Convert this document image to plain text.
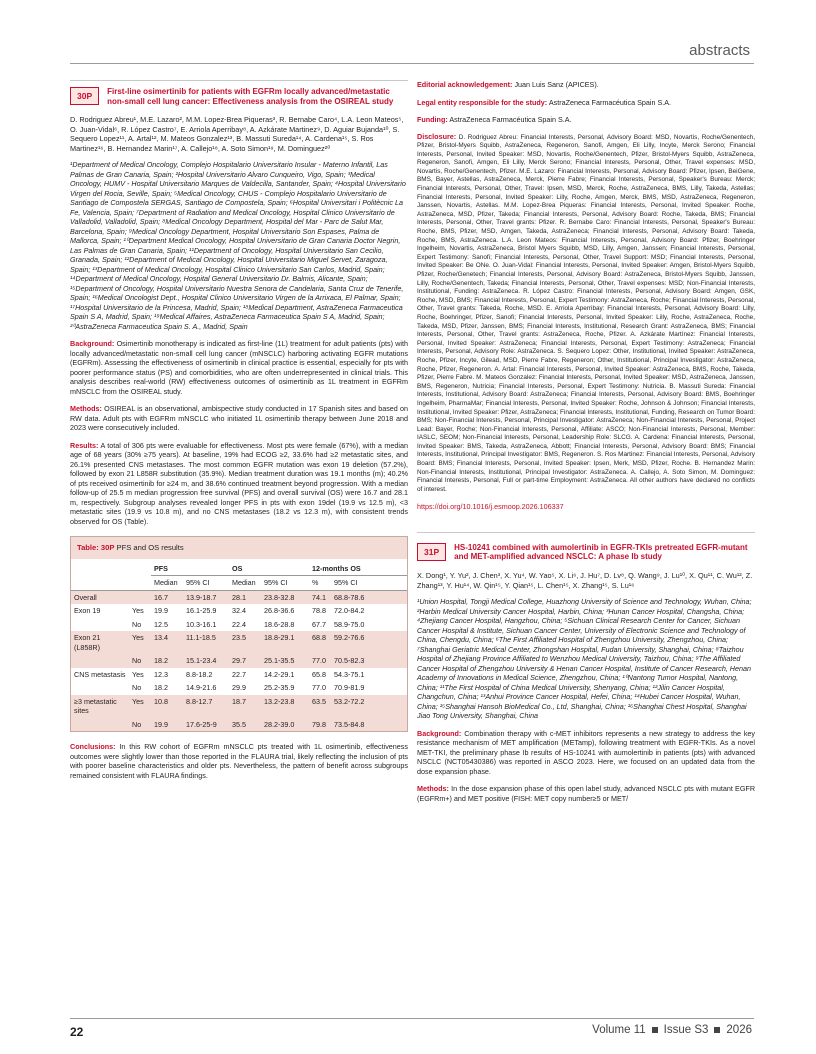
abstracts
30P	First-line osimertinib for patients with EGFRm locally advanced/metastatic non-small cell lung cancer: Effectiveness analysis from the OSIREAL study
D. Rodriguez Abreu¹, M.E. Lazaro², M.M. Lopez-Brea Piqueras³, R. Bernabe Caro⁴, L.A. Leon Mateos⁵, O. Juan-Vidal⁶, R. López Castro⁷, E. Arriola Aperribay⁸, A. Azkárate Martinez⁹, D. Aguiar Bujanda¹⁰, S. Sequero Lopez¹¹, A. Artal¹², M. Mateos Gonzalez¹³, B. Massuti Sureda¹⁴, A. Cardena¹⁵, S. Ros Martinez¹⁶, B. Hernandez Marin¹⁷, A. Callejo¹⁸, A. Soto Simon¹⁹, M. Dominguez²⁰
¹Department of Medical Oncology, Complejo Hospitalario Universitario Insular - Materno Infantil, Las Palmas de Gran Canaria, Spain; ²Hospital Universitario Alvaro Cunqueiro, Vigo, Spain; ³Medical Oncology, HUMV - Hospital Universitario Marques de Valdecilla, Santander, Spain; ⁴Hospital Universitario Virgen del Rocia, Seville, Spain; ⁵Medical Oncology, CHUS - Complejo Hospitalario Universitario de Santiago de Compostela SERGAS, Santiago de Compostela, Spain; ⁶Hospital Universitari i Politècnic La Fe, Valencia, Spain; ⁷Department of Radiation and Medical Oncology, Hospital Clinico Universitario de Valladolid, Valladolid, Spain; ⁸Medical Oncology Department, Hospital del Mar - Parc de Salut Mar, Barcelona, Spain; ⁹Medical Oncology Department, Hospital Universitario Son Espases, Palma de Mallorca, Spain; ¹⁰Department Medical Oncology, Hospital Universitario de Gran Canaria Doctor Negrin, Las Palmas de Gran Canaria, Spain; ¹¹Department of Oncology, Hospital Universitario San Cecilio, Granada, Spain; ¹²Department of Medical Oncology, Hospital Universitario Miguel Servet, Zaragoza, Spain; ¹³Department of Medical Oncology, Hospital Clinico Universitario San Carlos, Madrid, Spain; ¹⁴Department of Medical Oncology, Hospital General Universitario Dr. Balmis, Alicante, Spain; ¹⁵Department of Oncology, Hospital Universitario Nuestra Senora de Candelaria, Santa Cruz de Tenerife, Spain; ¹⁶Medical Oncologist Dept., Hospital Clinico Universitario Virgen de la Arrixaca, El Palmar, Spain; ¹⁷Hospital Universitario de la Princesa, Madrid, Spain; ¹⁸Medical Department, AstraZeneca Farmaceutica Spain S A, Madrid, Spain; ¹⁹Medical Affaires, AstraZeneca Farmaceutica Spain S A, Madrid, Spain; ²⁰AstraZeneca Farmaceutica Spain S. A., Madrid, Spain
Background: Osimertinib monotherapy is indicated as first-line (1L) treatment for adult patients (pts) with locally advanced/metastatic non-small cell lung cancer (mNSCLC) harboring activating EGFR mutations (EGFRm). Assessing the effectiveness of osimertinib in clinical practice is essential, especially for pts with poorer performance status (PS) and comorbidities, who are often underrepresented in clinical trials. This analysis describes real-world (RW) effectiveness outcomes of osimertinib as 1L treatment in EGFRm mNSCLC from the OSIREAL study.
Methods: OSIREAL is an observational, ambispective study conducted in 17 Spanish sites and based on RW data. Adult pts with EGFRm mNSCLC who initiated 1L osimertinib therapy between June 2018 and 2023 were consecutively included.
Results: A total of 306 pts were evaluable for effectiveness. Most pts were female (67%), with a median age of 68 years (30% ≥75 years). At baseline, 19% had ECOG ≥2, 33.6% had ≥2 metastatic sites, and 26.1% presented CNS metastases. The most common EGFR mutation was exon 19 deletion (57.2%), followed by exon 21 L858R substitution (35.9%). Median treatment duration was 19.1 months (m); 40.2% of pts received osimertinib for ≥24 m, and 38.6% continued treatment beyond progression. With a median follow-up of 25.5 m median progression free survival (PFS) and overall survival (OS) were 16.7 and 28.1 m, respectively. Subgroup analyses revealed longer PFS in pts with exon 19del (19.9 vs 12.5 m), <3 metastatic sites (19.9 vs 10.8 m), and no CNS metastases (18.2 vs 12.3 m), with consistent trends observed for OS (Table).
Table: 30P PFS and OS results
		PFS		OS		12-months OS	
		Median	95% CI	Median	95% CI	%	95% CI
Overall		16.7	13.9-18.7	28.1	23.8-32.8	74.1	68.8-78.6
Exon 19	Yes	19.9	16.1-25.9	32.4	26.8-36.6	78.8	72.0-84.2
	No	12.5	10.3-16.1	22.4	18.6-28.8	67.7	58.9-75.0
Exon 21 (L858R)	Yes	13.4	11.1-18.5	23.5	18.8-29.1	68.8	59.2-76.6
	No	18.2	15.1-23.4	29.7	25.1-35.5	77.0	70.5-82.3
CNS metastasis	Yes	12.3	8.8-18.2	22.7	14.2-29.1	65.8	54.3-75.1
	No	18.2	14.9-21.6	29.9	25.2-35.9	77.0	70.9-81.9
≥3 metastatic sites	Yes	10.8	8.8-12.7	18.7	13.2-23.8	63.5	53.2-72.2
	No	19.9	17.6-25-9	35.5	28.2-39.0	79.8	73.5-84.8
Conclusions: In this RW cohort of EGFRm mNSCLC pts treated with 1L osimertinib, effectiveness outcomes were slightly lower than those reported in the FLAURA trial, likely reflecting the inclusion of pts with poorer baseline characteristics and older pts. Nevertheless, the pattern of benefit across subgroups remained consistent with FLAURA findings.
Editorial acknowledgement: Juan Luis Sanz (APICES).
Legal entity responsible for the study: AstraZeneca Farmacéutica Spain S.A.
Funding: AstraZeneca Farmacéutica Spain S.A.
Disclosure: D. Rodriguez Abreu: Financial Interests, Personal, Advisory Board: MSD, Novartis, Roche/Genentech, Pfizer, Bristol-Myers Squibb, AstraZeneca, Regeneron, Sanofi, Amgen, Eli Lilly, Incyte, Merck Serono; Financial Interests, Personal, Invited Speaker: MSD, Novartis, Roche/Genentech, Pfizer, Bristol-Myers Squibb, AstraZeneca, Regeneron, Sanofi, Amgen, Eli Lilly, Merck Serono; Financial Interests, Personal, Other, Travel expenses: MSD, Novartis, Roche/Genentech, Pfizer. M.E. Lazaro: Financial Interests, Personal, Advisory Board: Pfizer, Ipsen, BeiGene, BMS, Bayer, Astellas, AstraZeneca, Merck, Pierre Fabre; Financial Interests, Personal, Speaker's Bureau: Merck; Financial Interests, Personal, Other, Travel: Ipsen, MSD, Merck, Roche, AstraZeneca, BMS, Lilly, Takeda, Astellas; Financial Interests, Personal, Invited Speaker: Lilly, Roche, Amgen, Merck, BMS, MSD, AstraZeneca, Regeneron, Janssen, Novartis, Astellas. M.M. Lopez-Brea Piqueras: Financial Interests, Personal, Invited Speaker: Roche, AstraZeneca, MSD, Pfizer, Takeda; Financial Interests, Personal, Advisory Board: Roche, Takeda, BMS; Financial Interests, Personal, Other, Travel grants: Pfizer. R. Bernabe Caro: Financial Interests, Personal, Speaker's Bureau: Roche, BMS, Pfizer, MSD, Amgen, Takeda, AstraZeneca; Financial Interests, Personal, Advisory Board: Takeda, Roche, BMS, AstraZeneca. L.A. Leon Mateos: Financial Interests, Personal, Advisory Board: Pfizer, Boehringer Ingelheim, Novartis, AstraZeneca, Bristol Myers Squibb, MSD, Lilly, Amgen, Janssen; Financial Interests, Personal, Expert Testimony: Sanofi; Financial Interests, Personal, Other, Travel Support: MSD; Financial Interests, Personal, Invited Speaker: Be ONe. O. Juan-Vidal: Financial Interests, Personal, Invited Speaker: Amgen, Bristol-Myers Squibb, Pfizer, Roche/Genetech; Financial Interests, Personal, Advisory Board: AstraZeneca, Bristol-Myers Squibb, Janssen, Lilly, Roche/Genentech, Takeda; Financial Interests, Personal, Other, Travel expenses: MSD; Non-Financial Interests, Institutional, Funding: AstraZeneca. R. López Castro: Financial Interests, Personal, Advisory Board: Amgen, GSK, Roche, MSD, BMS; Financial Interests, Personal, Expert Testimony: AstraZeneca, Roche; Financial Interests, Personal, Other, Travel grants: Takeda, Roche, MSD. E. Arriola Aperribay: Financial Interests, Personal, Advisory Board: Lilly, Roche, Boehringer, Pfizer, Sanofi; Financial Interests, Personal, Invited Speaker: Lilly, Roche, AstraZeneca, Roche, Takeda, MSD, Pfizer, Janssen, BMS; Financial Interests, Institutional, Research Grant: AstraZeneca, BMS; Financial Interests, Personal, Other, Travel grants: AstraZeneca, Roche, Pfizer. A. Azkárate Martínez: Financial Interests, Personal, Invited Speaker: AstraZeneca; Financial Interests, Personal, Expert Testimony: AstraZeneca; Financial Interests, Personal, Advisory Role: AstraZeneca. S. Sequero Lopez: Other, Institutional, Invited Speaker: AstraZeneca, Roche, Pfizer, Incyte, Gilead, MSD, Pierre Fabre, Regeneron; Other, Institutional, Principal Investigator: AstraZeneca, Roche, Pfizer, Regeneron. A. Artal: Financial Interests, Personal, Invited Speaker: AstraZeneca, BMS, Roche, Takeda, Pfizer, Pierre Fabre. M. Mateos Gonzalez: Financial Interests, Personal, Invited Speaker: MSD, AstraZeneca, Janssen, BMS, Regeneron, Nutricia; Financial Interests, Personal, Expert Testimony: Nutricia. B. Massuti Sureda: Financial Interests, Institutional, Advisory Board: AstraZeneca; Financial Interests, Personal, Advisory Board: BMS, Boehringer Ingelheim, PharmaMar; Financial Interests, Personal, Invited Speaker: Roche, Johnson & Johnson; Financial Interests, Institutional, Invited Speaker: Pfizer, AstraZeneca; Financial Interests, Institutional, Funding, Research on Tumor Board: BMS; Non-Financial Interests, Personal, Principal Investigator: AstraZeneca; Non-Financial Interests, Personal, Project Lead: Bayer, Roche; Non-Financial Interests, Personal, Affiliate: ASCO; Non-Financial Interests, Personal, Member: IASLC, SEOM; Non-Financial Interests, Personal, Leadership Role: SLCG. A. Cardena: Financial Interests, Personal, Invited Speaker: BMS, Takeda, AstraZeneca, Abbott; Financial Interests, Personal, Advisory Board: BMS; Financial Interests, Institutional, Principal Investigator: BMS, Regeneron. S. Ros Martinez: Financial Interests, Personal, Advisory Board: BMS; Financial Interests, Personal, Invited Speaker: Ipsen, Merk, MSD, Pfizer, Roche. B. Hernandez Marin: Non-Financial Interests, Institutional, Principal Investigator: AstraZeneca. A. Callejo, A. Soto Simon, M. Dominguez: Financial Interests, Personal, Full or part-time Employment: AstraZeneca. All other authors have declared no conflicts of interest.
https://doi.org/10.1016/j.esmoop.2026.106337
31P	HS-10241 combined with aumolertinib in EGFR-TKIs pretreated EGFR-mutant and MET-amplified advanced NSCLC: A phase Ib study
X. Dong¹, Y. Yu², J. Chen³, X. Yu⁴, W. Yao⁵, X. Li⁶, J. Hu⁷, D. Lv⁸, Q. Wang⁹, J. Lu¹⁰, X. Qu¹¹, C. Wu¹², Z. Zhang¹³, Y. Hu¹⁴, W. Qin¹⁵, Y. Qian¹⁵, L. Chen¹⁵, X. Zhang¹⁵, S. Lu¹⁶
¹Union Hospital, Tongji Medical College, Huazhong University of Science and Technology, Wuhan, China; ²Harbin Medical University Cancer Hospital, Harbin, China; ³Hunan Cancer Hospital, Changsha, China; ⁴Zhejiang Cancer Hospital, Hangzhou, China; ⁵Sichuan Clinical Research Center for Cancer, Sichuan Cancer Hospital & Institute, Sichuan Cancer Center, University of Electronic Science and Technology of China, Chengdu, China; ⁶The First Affiliated Hospital of Zhengzhou University, Zhengzhou, China; ⁷Shanghai Geriatric Medical Center, Zhongshan Hospital, Fudan University, Shanghai, China; ⁸Taizhou Hospital of Zhejiang Province Affiliated to Wenzhou Medical University, Taizhou, China; ⁹The Affiliated Cancer Hospital of Zhengzhou University & Henan Cancer Hospital, Institute of Cancer Research, Henan Academy of Innovations in Medical Science, Zhengzhou, China; ¹⁰Nantong Tumor Hospital, Nantong, China; ¹¹The First Hospital of China Medical University, Shenyang, China; ¹²Jilin Cancer Hospital, Changchun, China; ¹³Anhui Province Cancer Hospital, Hefei, China; ¹⁴Hubei Cancer Hospital, Wuhan, China; ¹⁵Shanghai Hansoh BioMedical Co., Ltd, Shanghai, China; ¹⁶Shanghai Chest Hospital, Shanghai Jiao Tong University, Shanghai, China
Background: Combination therapy with c-MET inhibitors represents a new strategy to address the key resistance mechanism of MET amplification (METamp), following treatment with EGFR-TKIs. As a novel MET-TKI, the preliminary phase Ib results of HS-10241 with aumolertinib in patients (pts) with advanced NSCLC (NCT05430386) was reported in ASCO 2023. Here, we focused on an updated data from the dose expansion phase.
Methods: In the dose expansion phase of this open label study, advanced NSCLC pts with mutant EGFR (EGFRm+) and MET positive (FISH: MET copy number≥5 or MET/
22	Volume 11 Issue S3 2026
